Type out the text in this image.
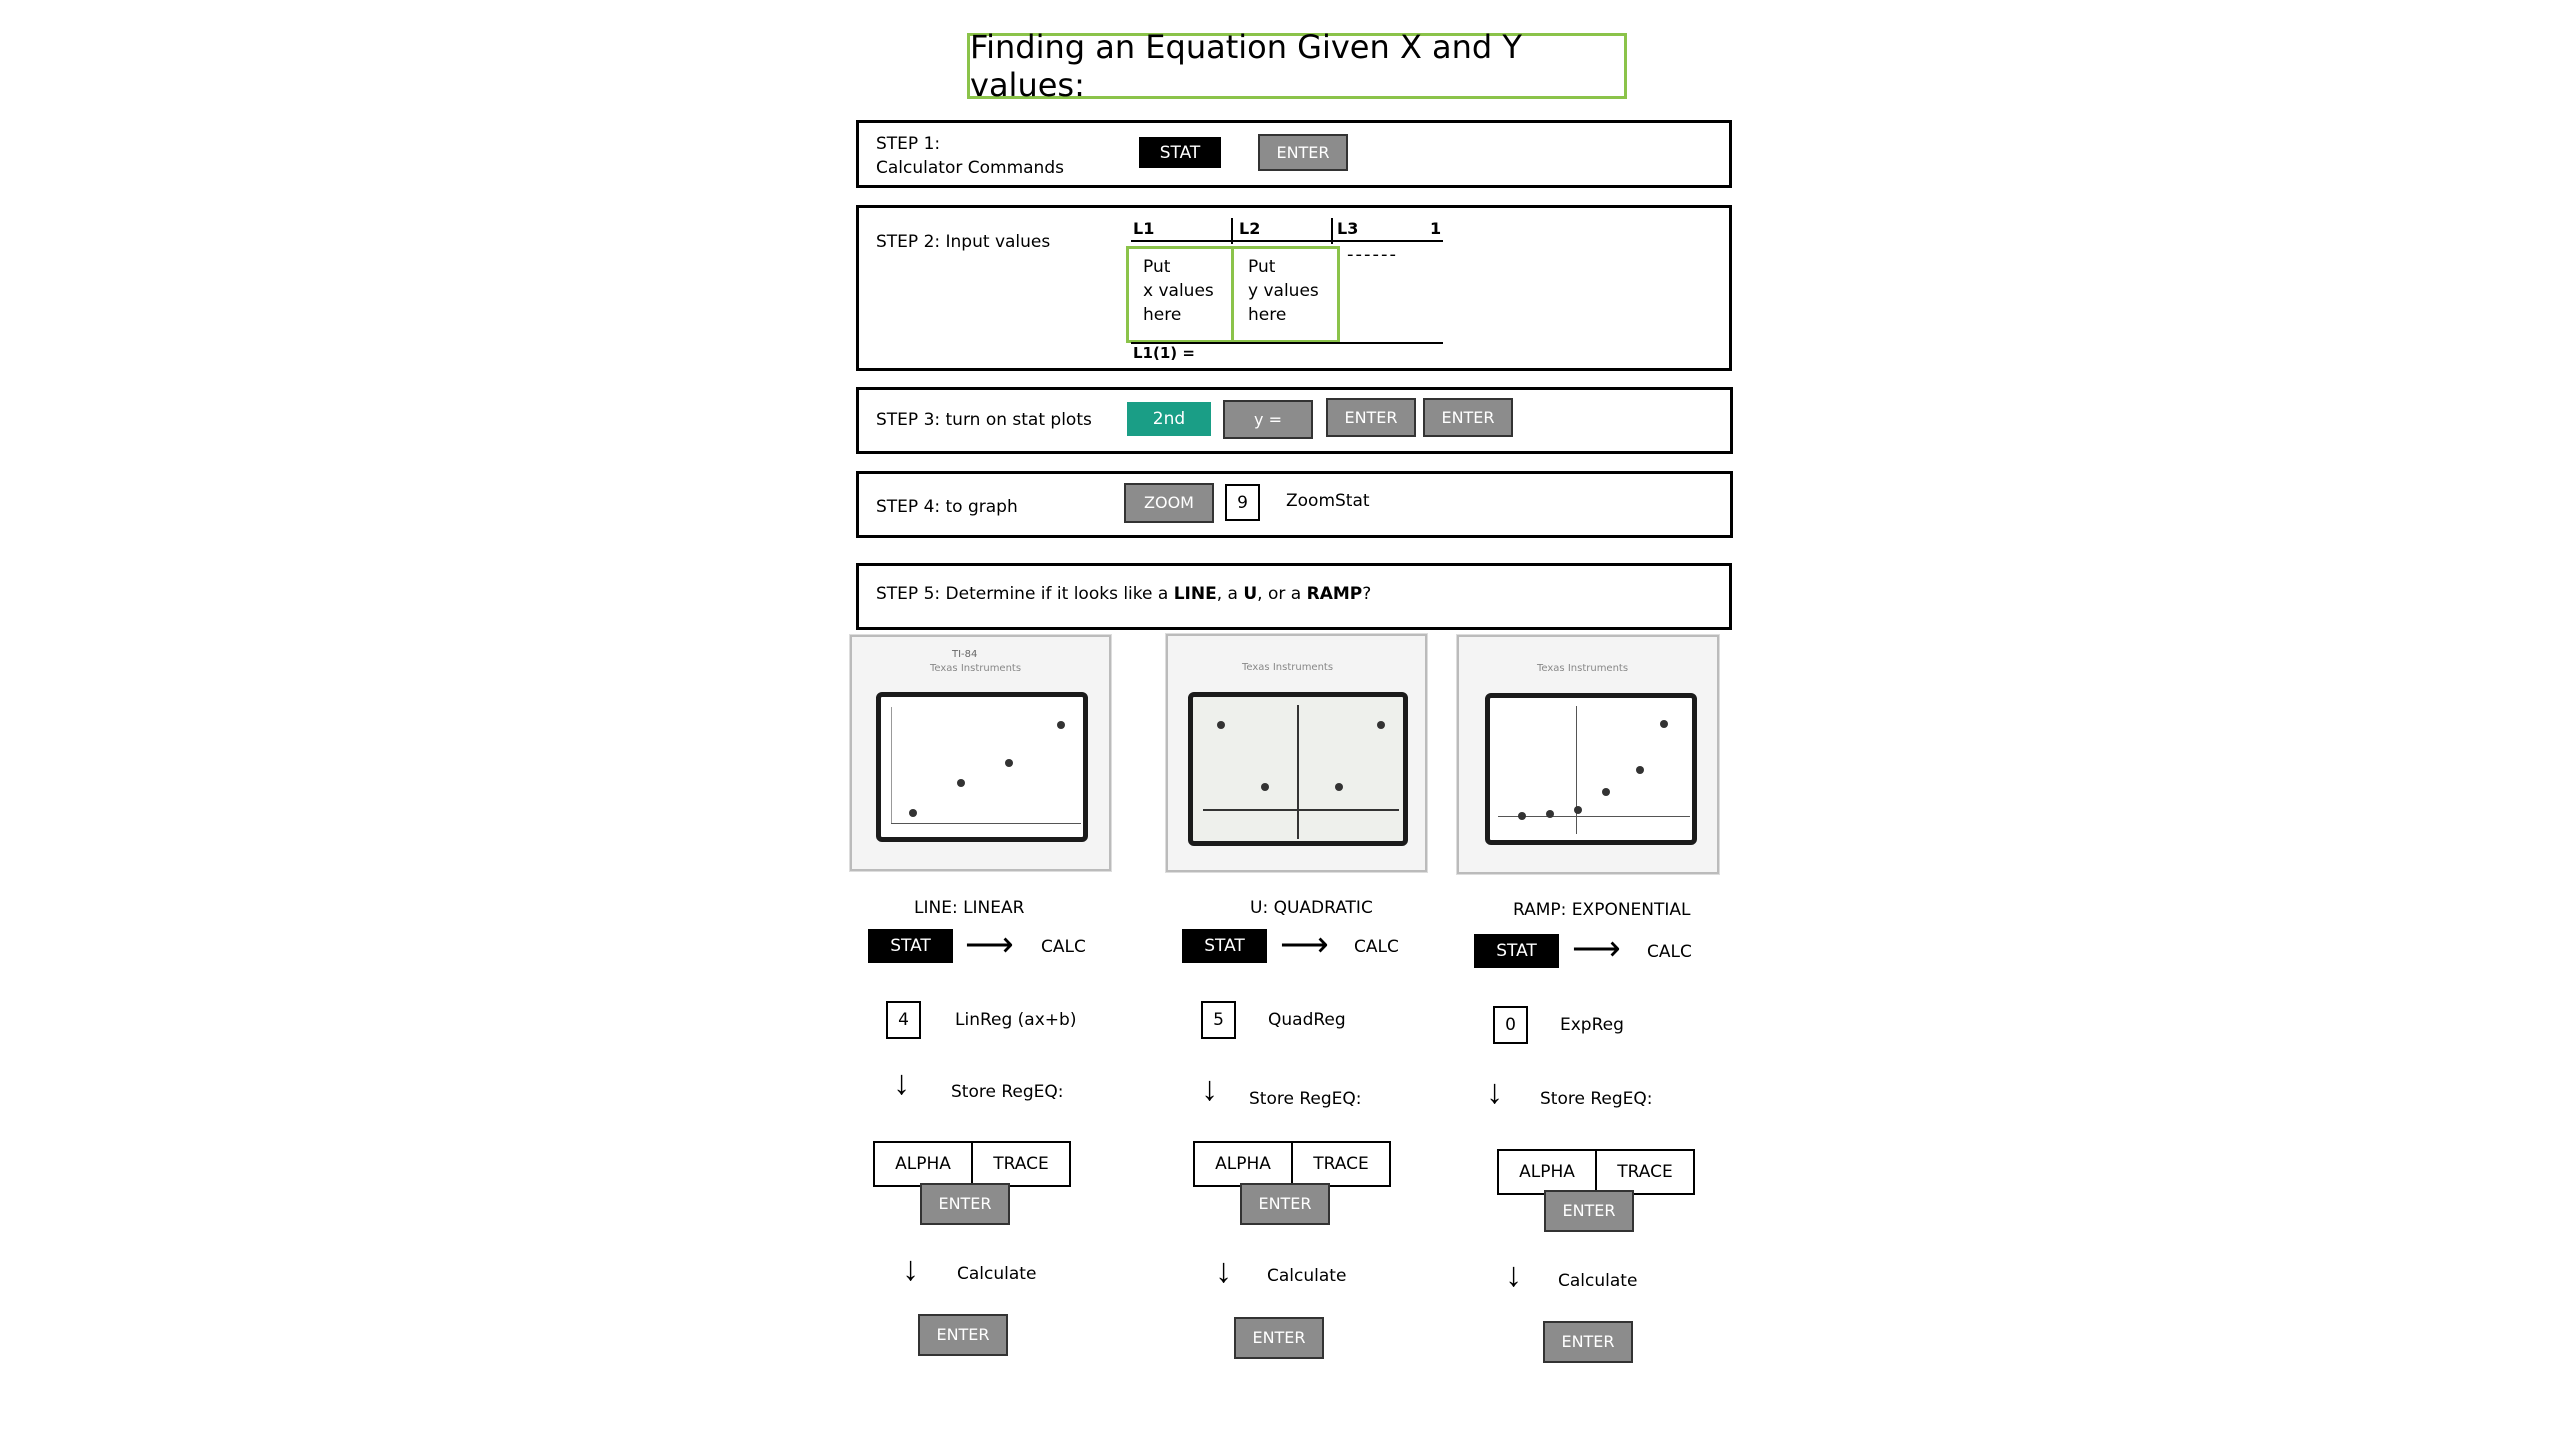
Finding an Equation Given X and Y values:
STEP 1:
Calculator Commands
STAT	ENTER
STEP 2: Input values
L1	L2	L3	1
------
Put
x values
here
Put
y values
here
L1(1) =
STEP 3: turn on stat plots	2nd	y =	ENTER	ENTER
STEP 4: to graph	ZOOM	9	ZoomStat
STEP 5: Determine if it looks like a LINE, a U, or a RAMP?
TI-84
Texas Instruments	Texas Instruments	Texas Instruments
LINE: LINEAR
STAT	⟶ CALC
4	LinReg (ax+b)
↓ Store RegEQ:
ALPHA	TRACE
ENTER
↓ Calculate
ENTER
U: QUADRATIC
STAT	⟶ CALC
5	QuadReg
↓ Store RegEQ:
ALPHA	TRACE
ENTER
↓ Calculate
ENTER
RAMP: EXPONENTIAL
STAT	⟶ CALC
0	ExpReg
↓ Store RegEQ:
ALPHA	TRACE
ENTER
↓ Calculate
ENTER
